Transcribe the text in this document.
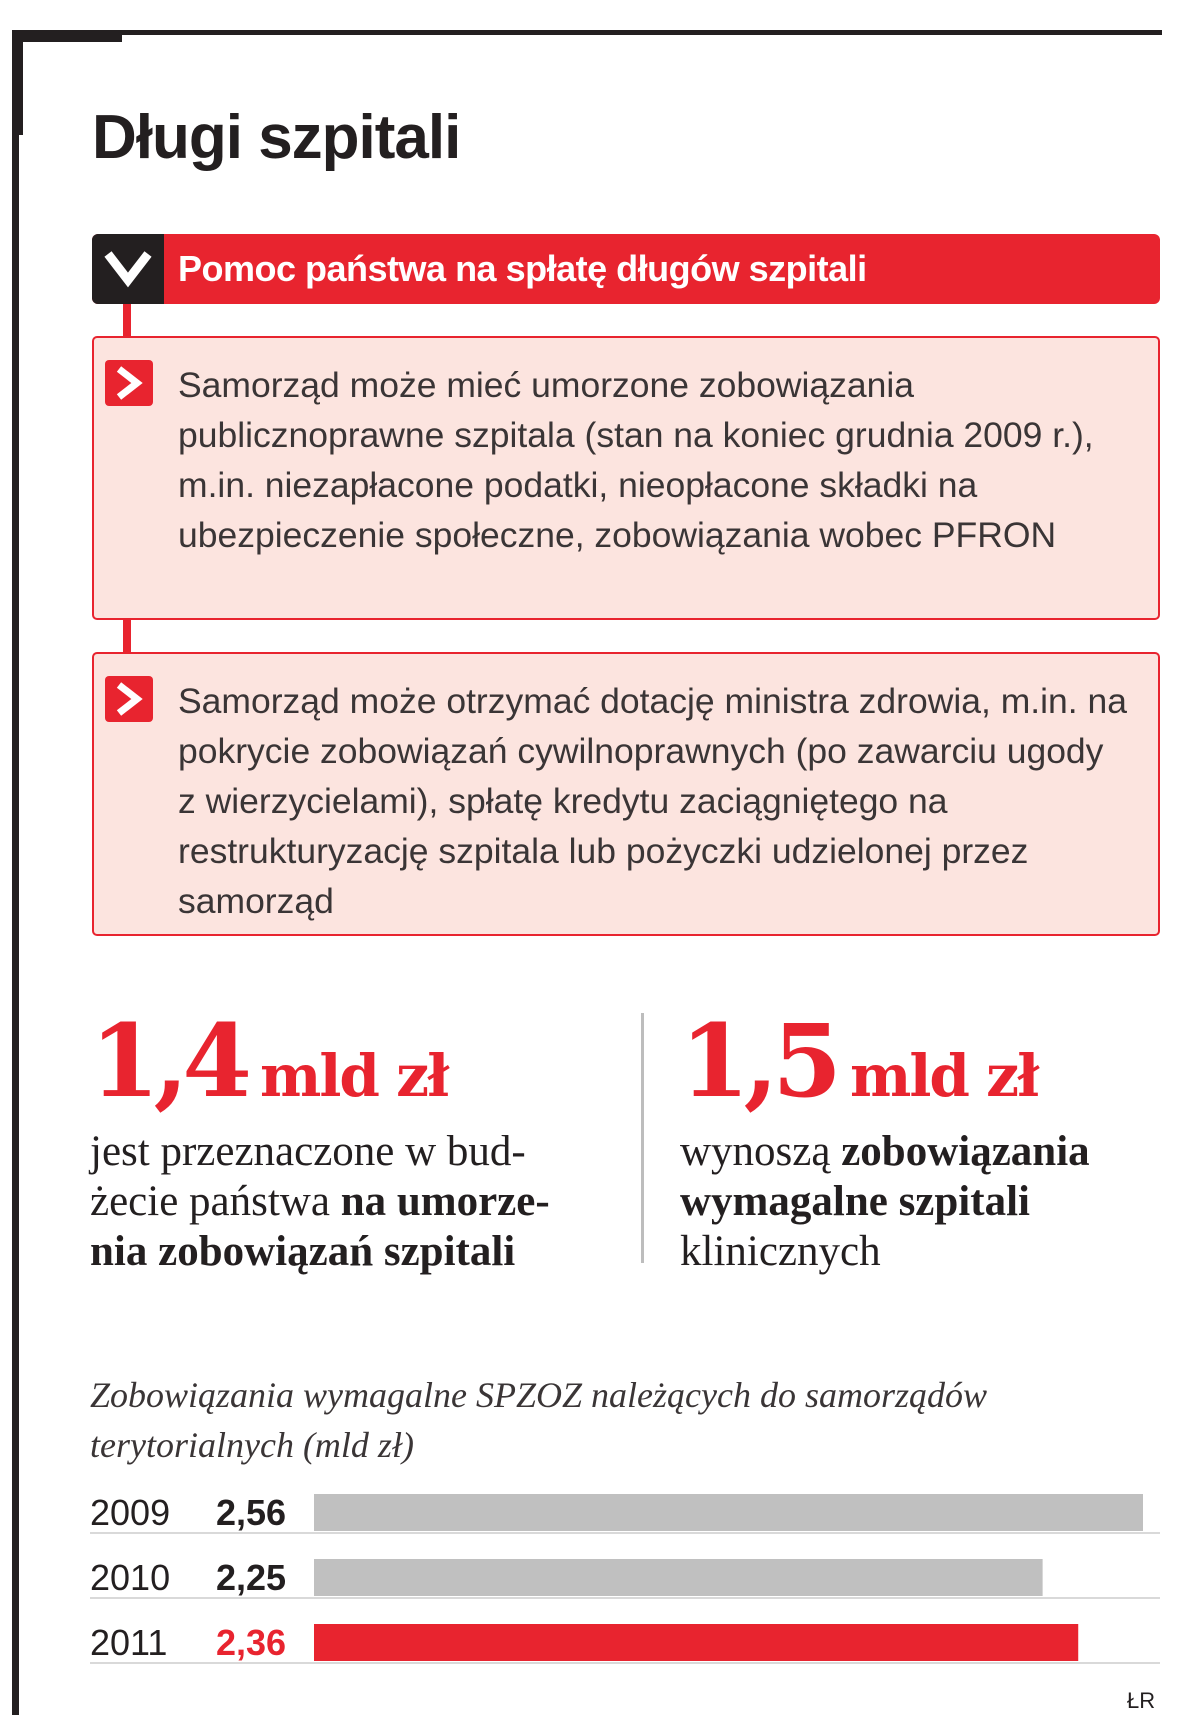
Długi szpitali
Pomoc państwa na spłatę długów szpitali
Samorząd może mieć umorzone zobowiązania publicznoprawne szpitala (stan na koniec grudnia 2009 r.), m.in. niezapłacone podatki, nieopłacone składki na ubezpieczenie społeczne, zobowiązania wobec PFRON
Samorząd może otrzymać dotację ministra zdrowia, m.in. na pokrycie zobowiązań cywilnoprawnych (po zawarciu ugody z wierzycielami), spłatę kredytu zaciągniętego na restrukturyzację szpitala lub pożyczki udzielonej przez samorząd
1,4 mld zł
jest przeznaczone w bud-
żecie państwa na umorze-
nia zobowiązań szpitali
1,5 mld zł
wynoszą zobowiązania
wymagalne szpitali
klinicznych
Zobowiązania wymagalne SPZOZ należących do samorządów
terytorialnych (mld zł)
2009 2,56
2010 2,25
2011 2,36
ŁR
